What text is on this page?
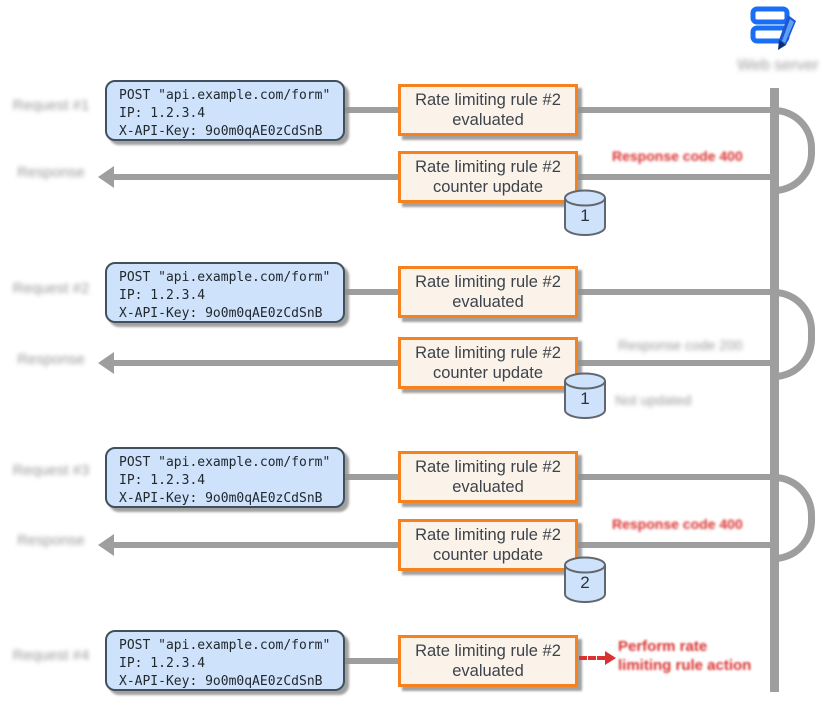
Web server
Request #1
Response
POST "api.example.com/form"
IP: 1.2.3.4
X-API-Key: 9o0m0qAE0zCdSnB
Rate limiting rule #2
evaluated
Response code 400
Rate limiting rule #2
counter update
1
Request #2
Response
POST "api.example.com/form"
IP: 1.2.3.4
X-API-Key: 9o0m0qAE0zCdSnB
Rate limiting rule #2
evaluated
Response code 200
Rate limiting rule #2
counter update
1	Not updated
Request #3
Response
POST "api.example.com/form"
IP: 1.2.3.4
X-API-Key: 9o0m0qAE0zCdSnB
Rate limiting rule #2
evaluated
Response code 400
Rate limiting rule #2
counter update
2
Request #4
POST "api.example.com/form"
IP: 1.2.3.4
X-API-Key: 9o0m0qAE0zCdSnB
Rate limiting rule #2
evaluated
Perform rate
limiting rule action
